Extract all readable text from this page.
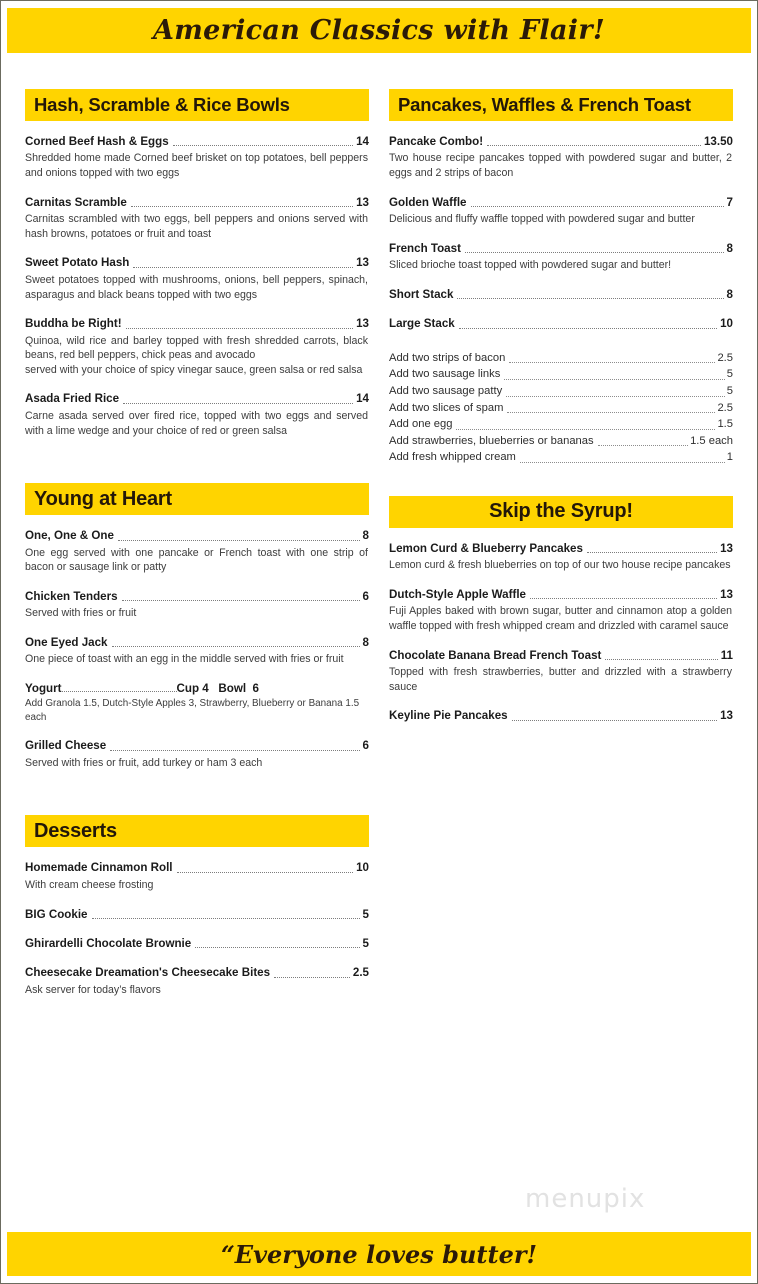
American Classics with Flair!
Hash, Scramble & Rice Bowls
Corned Beef Hash & Eggs	14
Shredded home made Corned beef brisket on top potatoes, bell peppers and onions topped with two eggs
Carnitas Scramble	13
Carnitas scrambled with two eggs, bell peppers and onions served with hash browns, potatoes or fruit and toast
Sweet Potato Hash	13
Sweet potatoes topped with mushrooms, onions, bell peppers, spinach, asparagus and black beans topped with two eggs
Buddha be Right!	13
Quinoa, wild rice and barley topped with fresh shredded carrots, black beans, red bell peppers, chick peas and avocado
served with your choice of spicy vinegar sauce, green salsa or red salsa
Asada Fried Rice	14
Carne asada served over fired rice, topped with two eggs and served with a lime wedge and your choice of red or green salsa
Young at Heart
One, One & One	8
One egg served with one pancake or French toast with one strip of bacon or sausage link or patty
Chicken Tenders	6
Served with fries or fruit
One Eyed Jack	8
One piece of toast with an egg in the middle served with fries or fruit
Yogurt	Cup 4   Bowl  6
Add Granola 1.5, Dutch-Style Apples 3, Strawberry, Blueberry or Banana 1.5 each
Grilled Cheese	6
Served with fries or fruit, add turkey or ham 3 each
Desserts
Homemade Cinnamon Roll	10
With cream cheese frosting
BIG Cookie	5
Ghirardelli Chocolate Brownie	5
Cheesecake Dreamation's Cheesecake Bites	2.5
Ask server for today’s flavors
Pancakes, Waffles & French Toast
Pancake Combo!	13.50
Two house recipe pancakes topped with powdered sugar and butter, 2 eggs and 2 strips of bacon
Golden Waffle	7
Delicious and fluffy waffle topped with powdered sugar and butter
French Toast	8
Sliced brioche toast topped with powdered sugar and butter!
Short Stack	8
Large Stack	10
Add two strips of bacon	2.5
Add two sausage links	5
Add two sausage patty	5
Add two slices of spam	2.5
Add one egg	1.5
Add strawberries, blueberries or bananas	1.5 each
Add fresh whipped cream	1
Skip the Syrup!
Lemon Curd & Blueberry Pancakes	13
Lemon curd & fresh blueberries on top of our two house recipe pancakes
Dutch-Style Apple Waffle	13
Fuji Apples baked with brown sugar, butter and cinnamon atop a golden waffle topped with fresh whipped cream and drizzled with caramel sauce
Chocolate Banana Bread French Toast	11
Topped with fresh strawberries, butter and drizzled with a strawberry sauce
Keyline Pie Pancakes	13
menupix
“Everyone loves butter!
